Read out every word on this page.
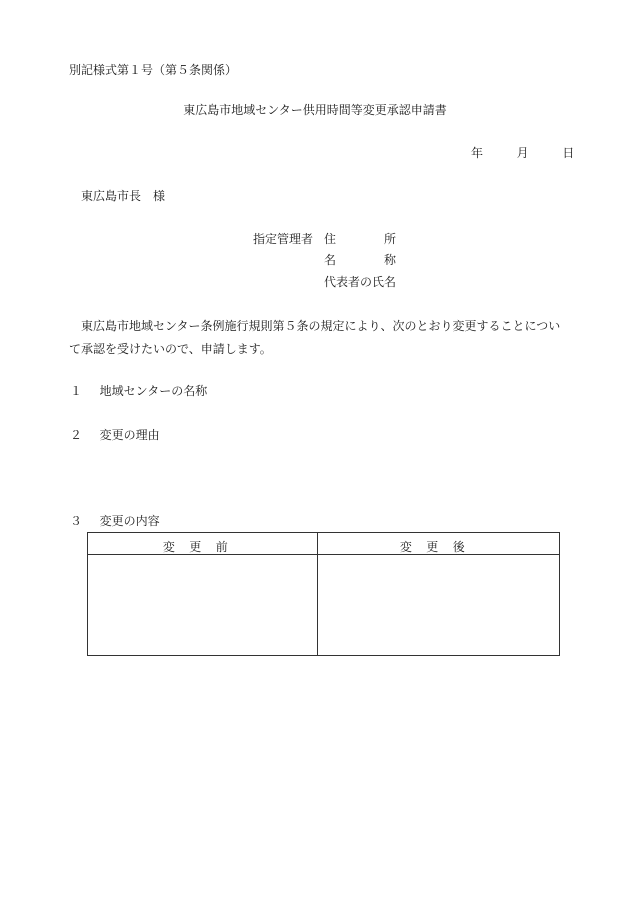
別記様式第１号（第５条関係）
東広島市地域センター供用時間等変更承認申請書
年	月	日
東広島市長　様
指定管理者 住　　　　所
名　　　　称
代表者の氏名
東広島市地域センター条例施行規則第５条の規定により、次のとおり変更することについ
て承認を受けたいので、申請します。
１ 地域センターの名称
２ 変更の理由
３ 変更の内容
変更前	変更後
